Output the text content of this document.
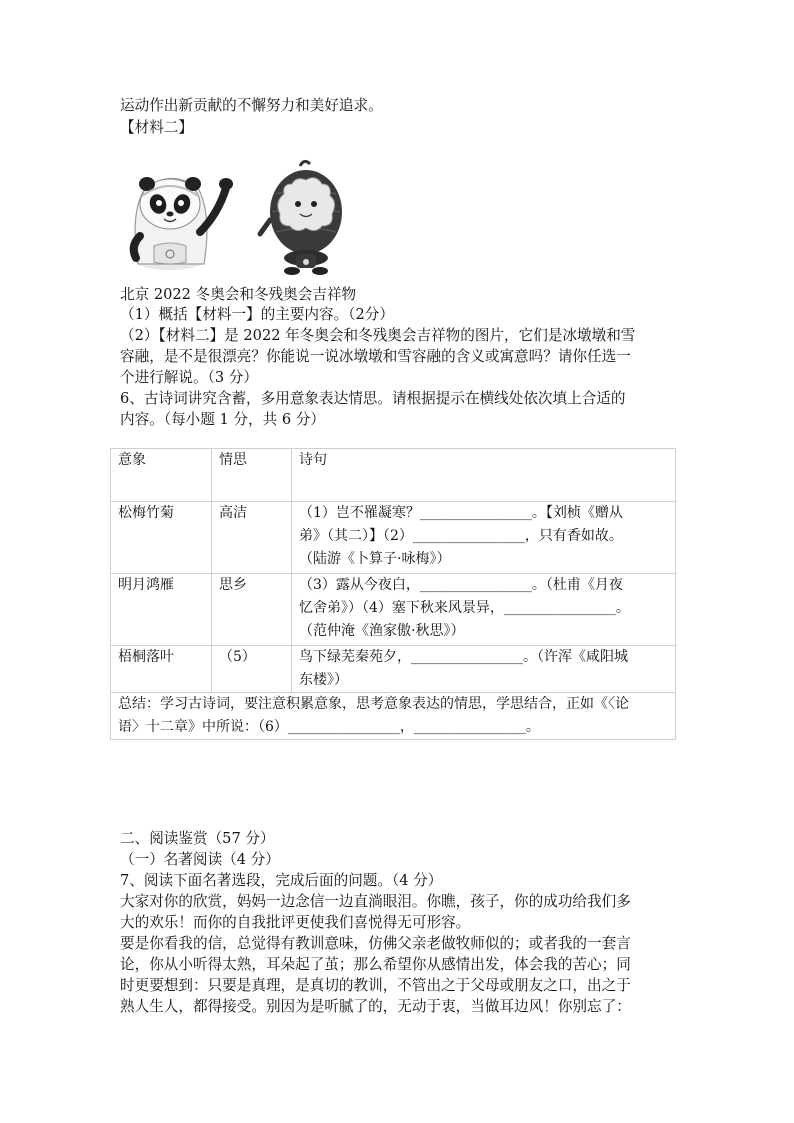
运动作出新贡献的不懈努力和美好追求。
【材料二】
北京 2022 冬奥会和冬残奥会吉祥物
（1）概括【材料一】的主要内容。（2分）
（2）【材料二】是 2022 年冬奥会和冬残奥会吉祥物的图片，它们是冰墩墩和雪
容融，是不是很漂亮？你能说一说冰墩墩和雪容融的含义或寓意吗？请你任选一
个进行解说。（3 分）
6、古诗词讲究含蓄，多用意象表达情思。请根据提示在横线处依次填上合适的
内容。（每小题 1 分，共 6 分）
意象	情思	诗句
松梅竹菊	高洁	（1）岂不罹凝寒？________________。【刘桢《赠从
弟》（其二）】（2）________________，只有香如故。
（陆游《卜算子·咏梅》）

明月鸿雁	思乡	（3）露从今夜白，________________。（杜甫《月夜
忆舍弟》）（4）塞下秋来风景异，________________。
（范仲淹《渔家傲·秋思》）

梧桐落叶	（5）	鸟下绿芜秦苑夕，________________。（许浑《咸阳城
东楼》）

总结：学习古诗词，要注意积累意象，思考意象表达的情思，学思结合，正如《〈论
语〉十二章》中所说：（6）________________，________________。		
二、阅读鉴赏（57 分）
（一）名著阅读（4 分）
7、阅读下面名著选段，完成后面的问题。（4 分）
大家对你的欣赏，妈妈一边念信一边直淌眼泪。你瞧，孩子，你的成功给我们多
大的欢乐！而你的自我批评更使我们喜悦得无可形容。
要是你看我的信，总觉得有教训意味，仿佛父亲老做牧师似的；或者我的一套言
论，你从小听得太熟，耳朵起了茧；那么希望你从感情出发，体会我的苦心；同
时更要想到：只要是真理，是真切的教训，不管出之于父母或朋友之口，出之于
熟人生人，都得接受。别因为是听腻了的，无动于衷，当做耳边风！你别忘了：
